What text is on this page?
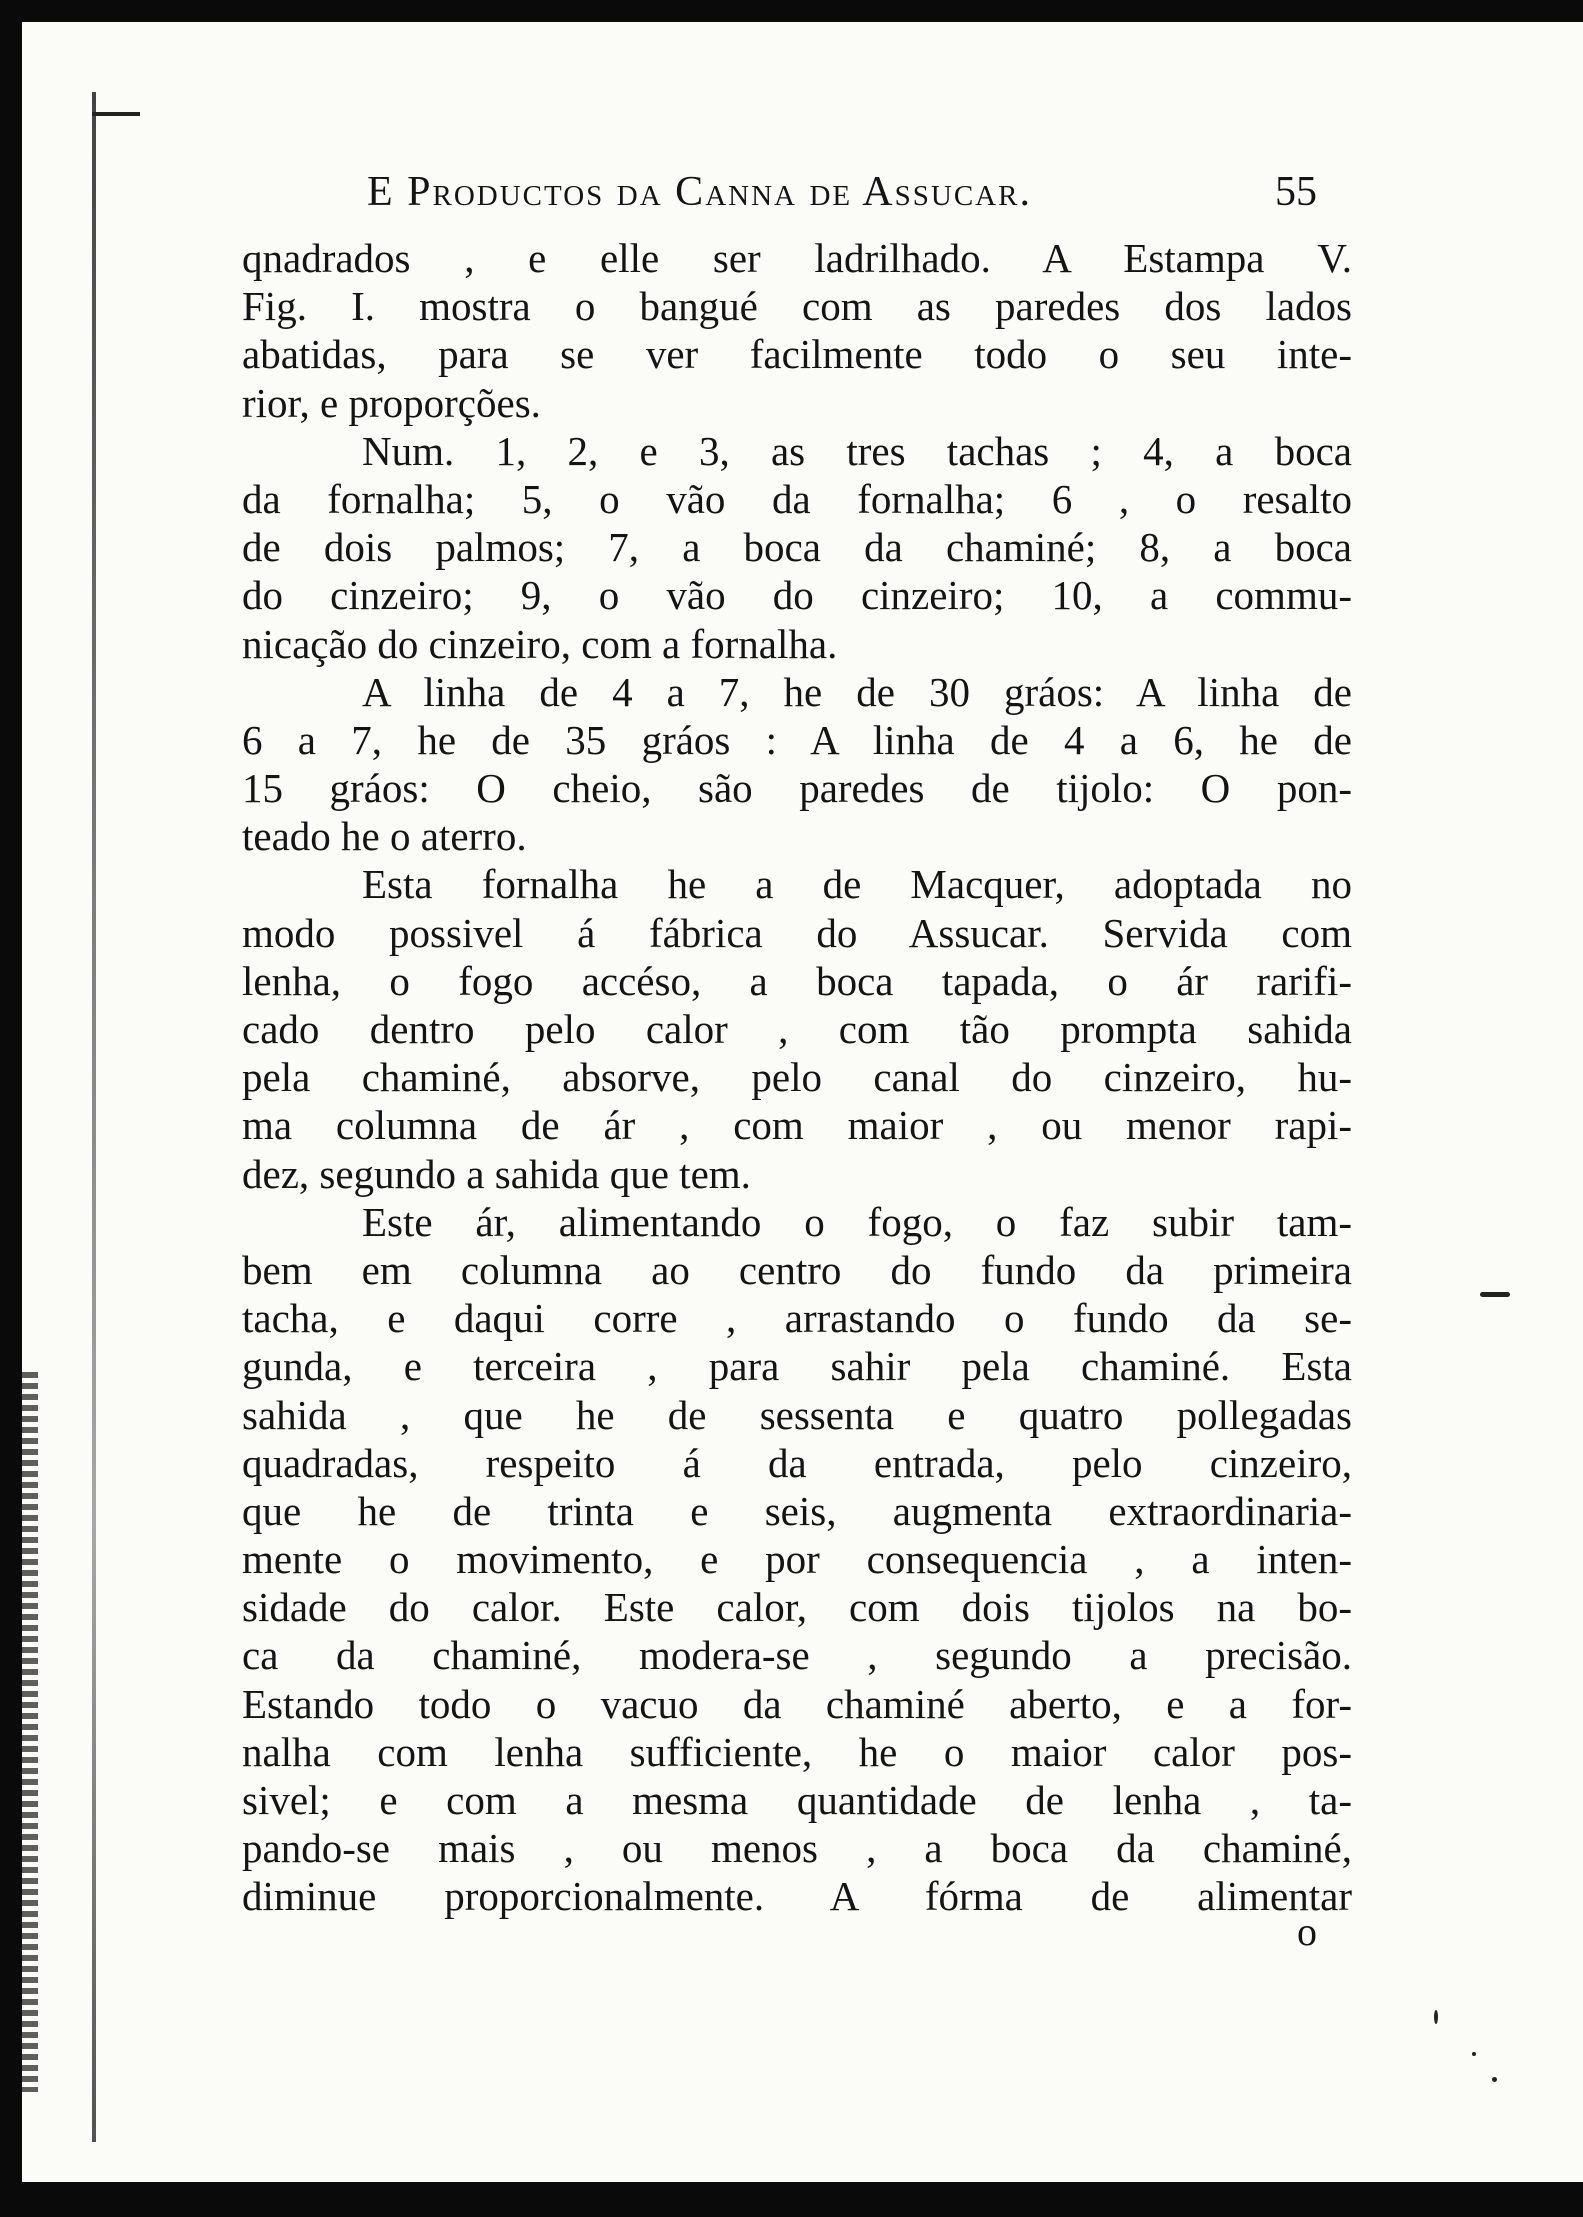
E Productos da Canna de Assucar.	55
qnadrados , e elle ser ladrilhado. A Estampa V.
Fig. I. mostra o bangué com as paredes dos lados
abatidas, para se ver facilmente todo o seu inte-
rior, e proporções.
Num. 1, 2, e 3, as tres tachas ; 4, a boca
da fornalha; 5, o vão da fornalha; 6 , o resalto
de dois palmos; 7, a boca da chaminé; 8, a boca
do cinzeiro; 9, o vão do cinzeiro; 10, a commu-
nicação do cinzeiro, com a fornalha.
A linha de 4 a 7, he de 30 gráos: A linha de
6 a 7, he de 35 gráos : A linha de 4 a 6, he de
15 gráos: O cheio, são paredes de tijolo: O pon-
teado he o aterro.
Esta fornalha he a de Macquer, adoptada no
modo possivel á fábrica do Assucar. Servida com
lenha, o fogo accéso, a boca tapada, o ár rarifi-
cado dentro pelo calor , com tão prompta sahida
pela chaminé, absorve, pelo canal do cinzeiro, hu-
ma columna de ár , com maior , ou menor rapi-
dez, segundo a sahida que tem.
Este ár, alimentando o fogo, o faz subir tam-
bem em columna ao centro do fundo da primeira
tacha, e daqui corre , arrastando o fundo da se-
gunda, e terceira , para sahir pela chaminé. Esta
sahida , que he de sessenta e quatro pollegadas
quadradas, respeito á da entrada, pelo cinzeiro,
que he de trinta e seis, augmenta extraordinaria-
mente o movimento, e por consequencia , a inten-
sidade do calor. Este calor, com dois tijolos na bo-
ca da chaminé, modera-se , segundo a precisão.
Estando todo o vacuo da chaminé aberto, e a for-
nalha com lenha sufficiente, he o maior calor pos-
sivel; e com a mesma quantidade de lenha , ta-
pando-se mais , ou menos , a boca da chaminé,
diminue proporcionalmente. A fórma de alimentar
o
